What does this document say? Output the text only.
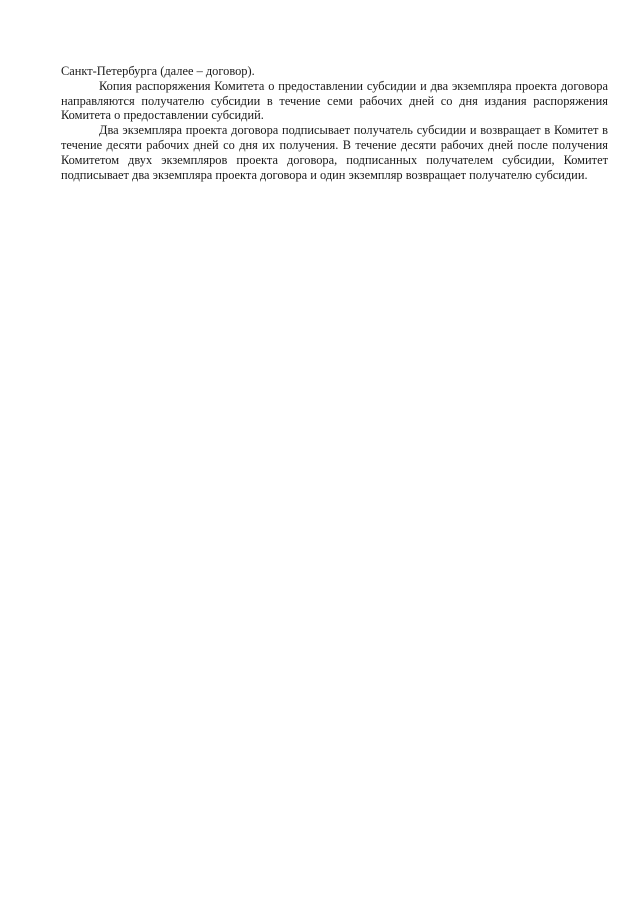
Санкт-Петербурга (далее – договор).

Копия распоряжения Комитета о предоставлении субсидии и два экземпляра проекта договора направляются получателю субсидии в течение семи рабочих дней со дня издания распоряжения Комитета о предоставлении субсидий.

Два экземпляра проекта договора подписывает получатель субсидии и возвращает в Комитет в течение десяти рабочих дней со дня их получения. В течение десяти рабочих дней после получения Комитетом двух экземпляров проекта договора, подписанных получателем субсидии, Комитет подписывает два экземпляра проекта договора и один экземпляр возвращает получателю субсидии.
